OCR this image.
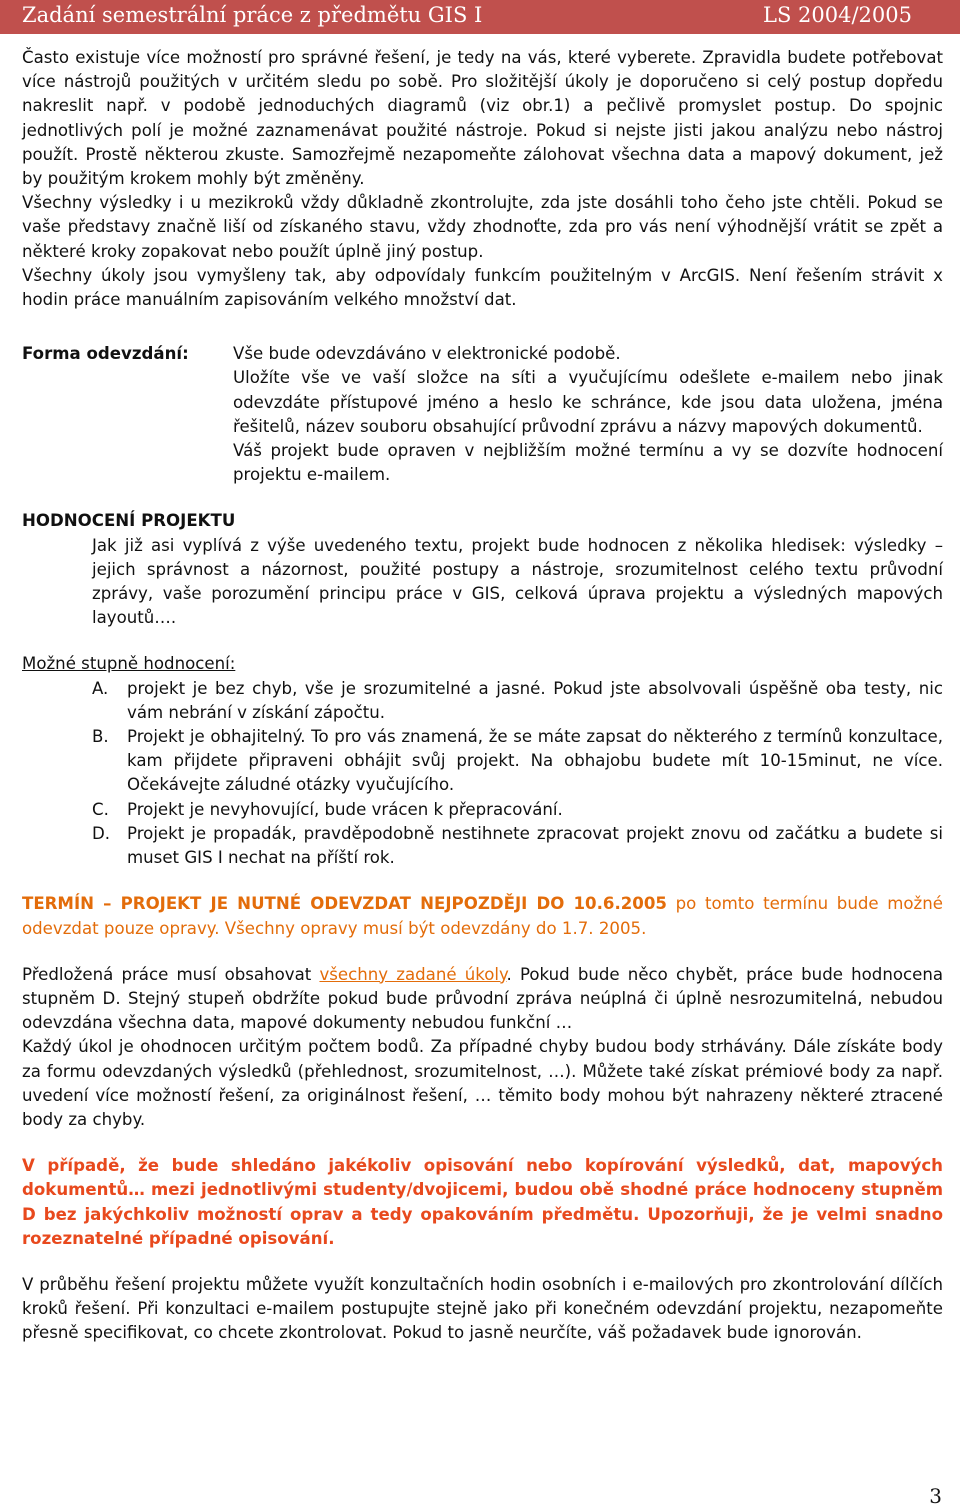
Zadání semestrální práce z předmětu GIS I	LS 2004/2005

Často existuje více možností pro správné řešení, je tedy na vás, které vyberete. Zpravidla budete potřebovat více nástrojů použitých v určitém sledu po sobě. Pro složitější úkoly je doporučeno si celý postup dopředu nakreslit např. v podobě jednoduchých diagramů (viz obr.1) a pečlivě promyslet postup. Do spojnic jednotlivých polí je možné zaznamenávat použité nástroje. Pokud si nejste jisti jakou analýzu nebo nástroj použít. Prostě některou zkuste. Samozřejmě nezapomeňte zálohovat všechna data a mapový dokument, jež by použitým krokem mohly být změněny.

Všechny výsledky i u mezikroků vždy důkladně zkontrolujte, zda jste dosáhli toho čeho jste chtěli. Pokud se vaše představy značně liší od získaného stavu, vždy zhodnoťte, zda pro vás není výhodnější vrátit se zpět a některé kroky zopakovat nebo použít úplně jiný postup.

Všechny úkoly jsou vymyšleny tak, aby odpovídaly funkcím použitelným v ArcGIS. Není řešením strávit x hodin práce manuálním zapisováním velkého množství dat.

Forma odevzdání:	Vše bude odevzdáváno v elektronické podobě.

Uložíte vše ve vaší složce na síti a vyučujícímu odešlete e-mailem nebo jinak odevzdáte přístupové jméno a heslo ke schránce, kde jsou data uložena, jména řešitelů, název souboru obsahující průvodní zprávu a názvy mapových dokumentů.

Váš projekt bude opraven v nejbližším možné termínu a vy se dozvíte hodnocení projektu e-mailem.

HODNOCENÍ PROJEKTU

Jak již asi vyplívá z výše uvedeného textu, projekt bude hodnocen z několika hledisek: výsledky – jejich správnost a názornost, použité postupy a nástroje, srozumitelnost celého textu průvodní zprávy, vaše porozumění principu práce v GIS, celková úprava projektu a výsledných mapových layoutů….

Možné stupně hodnocení:
A.	projekt je bez chyb, vše je srozumitelné a jasné. Pokud jste absolvovali úspěšně oba testy, nic vám nebrání v získání zápočtu.
B.	Projekt je obhajitelný. To pro vás znamená, že se máte zapsat do některého z termínů konzultace, kam přijdete připraveni obhájit svůj projekt. Na obhajobu budete mít 10-15minut, ne více. Očekávejte záludné otázky vyučujícího.
C.	Projekt je nevyhovující, bude vrácen k přepracování.
D.	Projekt je propadák, pravděpodobně nestihnete zpracovat projekt znovu od začátku a budete si muset GIS I nechat na příští rok.

TERMÍN – PROJEKT JE NUTNÉ ODEVZDAT NEJPOZDĚJI DO 10.6.2005 po tomto termínu bude možné odevzdat pouze opravy. Všechny opravy musí být odevzdány do 1.7. 2005.

Předložená práce musí obsahovat všechny zadané úkoly. Pokud bude něco chybět, práce bude hodnocena stupněm D. Stejný stupeň obdržíte pokud bude průvodní zpráva neúplná či úplně nesrozumitelná, nebudou odevzdána všechna data, mapové dokumenty nebudou funkční …

Každý úkol je ohodnocen určitým počtem bodů. Za případné chyby budou body strhávány. Dále získáte body za formu odevzdaných výsledků (přehlednost, srozumitelnost, …). Můžete také získat prémiové body za např. uvedení více možností řešení, za originálnost řešení, … těmito body mohou být nahrazeny některé ztracené body za chyby.

V případě, že bude shledáno jakékoliv opisování nebo kopírování výsledků, dat, mapových dokumentů… mezi jednotlivými studenty/dvojicemi, budou obě shodné práce hodnoceny stupněm D bez jakýchkoliv možností oprav a tedy opakováním předmětu. Upozorňuji, že je velmi snadno rozeznatelné případné opisování.

V průběhu řešení projektu můžete využít konzultačních hodin osobních i e-mailových pro zkontrolování dílčích kroků řešení. Při konzultaci e-mailem postupujte stejně jako při konečném odevzdání projektu, nezapomeňte přesně specifikovat, co chcete zkontrolovat. Pokud to jasně neurčíte, váš požadavek bude ignorován.

3
